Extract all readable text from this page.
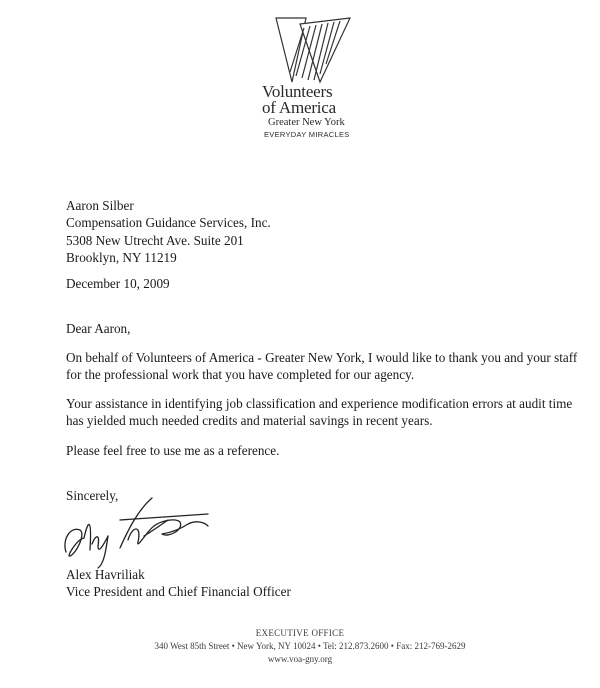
Volunteers
of America
Greater New York
EVERYDAY MIRACLES
Aaron Silber
Compensation Guidance Services, Inc.
5308 New Utrecht Ave. Suite 201
Brooklyn, NY 11219
December 10, 2009
Dear Aaron,
On behalf of Volunteers of America - Greater New York, I would like to thank you and your staff for the professional work that you have completed for our agency.
Your assistance in identifying job classification and experience modification errors at audit time has yielded much needed credits and material savings in recent years.
Please feel free to use me as a reference.
Sincerely,
Alex Havriliak
Vice President and Chief Financial Officer
EXECUTIVE OFFICE
340 West 85th Street • New York, NY 10024 • Tel: 212.873.2600 • Fax: 212-769-2629
www.voa-gny.org
